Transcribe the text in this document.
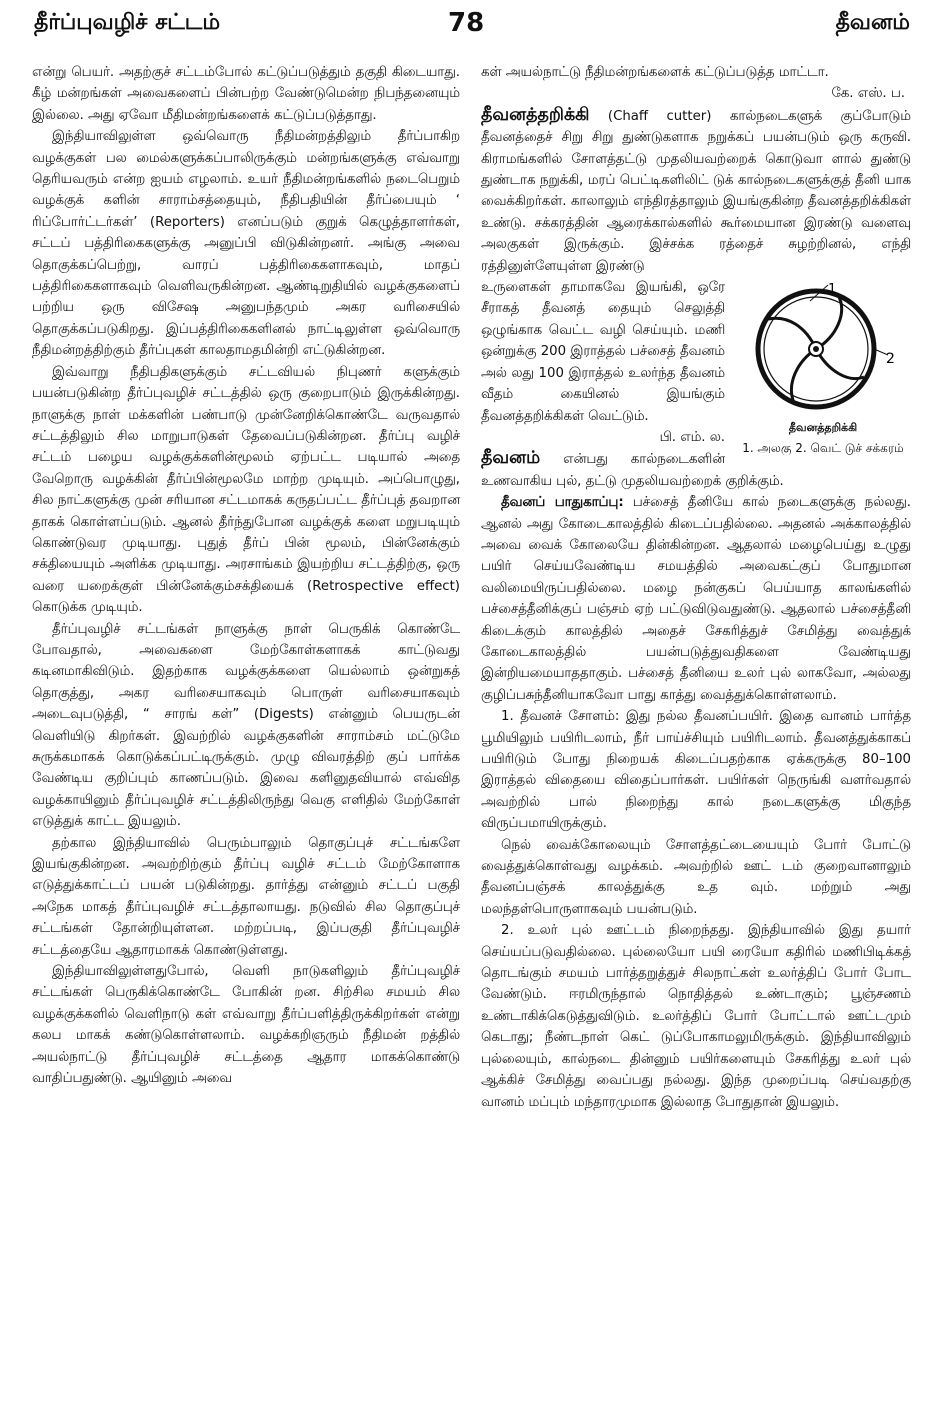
தீர்ப்புவழிச் சட்டம்	78	தீவனம்

என்று பெயர். அதற்குச் சட்டம்போல் கட்டுப்படுத்தும் தகுதி கிடையாது. கீழ் மன்றங்கள் அவைகளைப் பின்பற்ற வேண்டுமென்ற நிபந்தனையும் இல்லை. அது ஏவோ மீதிமன்றங்களைக் கட்டுப்படுத்தாது.

இந்தியாவிலுள்ள ஒவ்வொரு நீதிமன்றத்திலும் தீர்ப்பாகிற வழக்குகள் பல மைல்களுக்கப்பாலிருக்கும் மன்றங்களுக்கு எவ்வாறு தெரியவரும் என்ற ஐயம் எழலாம். உயர் நீதிமன்றங்களில் நடைபெறும் வழக்குக் களின் சாராம்சத்தையும், நீதிபதியின் தீர்ப்பையும் ‘ ரிப்போர்ட்டர்கள்’ (Reporters) எனப்படும் குறுக் கெழுத்தாளர்கள், சட்டப் பத்திரிகைகளுக்கு அனுப்பி விடுகின்றனர். அங்கு அவை தொகுக்கப்பெற்று, வாரப் பத்திரிகைகளாகவும், மாதப் பத்திரிகைகளாகவும் வெளிவருகின்றன. ஆண்டிறுதியில் வழக்குகளைப் பற்றிய ஒரு விசேஷ அனுபந்தமும் அகர வரிசையில் தொகுக்கப்படுகிறது. இப்பத்திரிகைகளினல் நாட்டிலுள்ள ஒவ்வொரு நீதிமன்றத்திற்கும் தீர்ப்புகள் காலதாமதமின்றி எட்டுகின்றன.

இவ்வாறு நீதிபதிகளுக்கும் சட்டவியல் நிபுணர் களுக்கும் பயன்படுகின்ற தீர்ப்புவழிச் சட்டத்தில் ஒரு குறைபாடும் இருக்கின்றது. நாளுக்கு நாள் மக்களின் பண்பாடு முன்னேறிக்கொண்டே வருவதால் சட்டத்திலும் சில மாறுபாடுகள் தேவைப்படுகின்றன. தீர்ப்பு வழிச் சட்டம் பழைய வழக்குக்களின்மூலம் ஏற்பட்ட படியால் அதை வேறொரு வழக்கின் தீர்ப்பின்மூலமே மாற்ற முடியும். அப்பொழுது, சில நாட்களுக்கு முன் சரியான சட்டமாகக் கருதப்பட்ட தீர்ப்புத் தவறான தாகக் கொள்ளப்படும். ஆனல் தீர்ந்துபோன வழக்குக் களை மறுபடியும் கொண்டுவர முடியாது. புதுத் தீர்ப் பின் மூலம், பின்னேக்கும் சக்தியையும் அளிக்க முடியாது. அரசாங்கம் இயற்றிய சட்டத்திற்கு, ஒரு வரை யறைக்குள் பின்னேக்கும்சக்தியைக் (Retrospective effect) கொடுக்க முடியும்.

தீர்ப்புவழிச் சட்டங்கள் நாளுக்கு நாள் பெருகிக் கொண்டே போவதால், அவைகளை மேற்கோள்களாகக் காட்டுவது கடினமாகிவிடும். இதற்காக வழக்குக்களை யெல்லாம் ஒன்றுகத் தொகுத்து, அகர வரிசையாகவும் பொருள் வரிசையாகவும் அடைவுபடுத்தி, “ சாரங் கள்” (Digests) என்னும் பெயருடன் வெளியிடு கிறர்கள். இவற்றில் வழக்குகளின் சாராம்சம் மட்டுமே சுருக்கமாகக் கொடுக்கப்பட்டிருக்கும். முழு விவரத்திற் குப் பார்க்க வேண்டிய குறிப்பும் காணப்படும். இவை களினுதவியால் எவ்வித வழக்காயினும் தீர்ப்புவழிச் சட்டத்திலிருந்து வெகு எளிதில் மேற்கோள் எடுத்துக் காட்ட இயலும்.

தற்கால இந்தியாவில் பெரும்பாலும் தொகுப்புச் சட்டங்களே இயங்குகின்றன. அவற்றிற்கும் தீர்ப்பு வழிச் சட்டம் மேற்கோளாக எடுத்துக்காட்டப் பயன் படுகின்றது. தார்த்து என்னும் சட்டப் பகுதி அநேக மாகத் தீர்ப்புவழிச் சட்டத்தாலாயது. நடுவில் சில தொகுப்புச் சட்டங்கள் தோன்றியுள்ளன. மற்றப்படி, இப்பகுதி தீர்ப்புவழிச் சட்டத்தையே ஆதாரமாகக் கொண்டுள்ளது.

இந்தியாவிலுள்ளதுபோல், வெளி நாடுகளிலும் தீர்ப்புவழிச் சட்டங்கள் பெருகிக்கொண்டே போகின் றன. சிற்சில சமயம் சில வழக்குக்களில் வெளிநாடு கள் எவ்வாறு தீர்ப்பளித்திருக்கிறர்கள் என்று கலப மாகக் கண்டுகொள்ளலாம். வழக்கறிஞரும் நீதிமன் றத்தில் அயல்நாட்டு தீர்ப்புவழிச் சட்டத்தை ஆதார மாகக்கொண்டு வாதிப்பதுண்டு. ஆயினும் அவை

கள் அயல்நாட்டு நீதிமன்றங்களைக் கட்டுப்படுத்த மாட்டா.

கே. எஸ். ப.

தீவனத்தறிக்கி (Chaff cutter) கால்நடைகளுக் குப்போடும் தீவனத்தைச் சிறு சிறு துண்டுகளாக நறுக்கப் பயன்படும் ஒரு கருவி. கிராமங்களில் சோளத்தட்டு முதலியவற்றைக் கொடுவா ளால் துண்டு துண்டாக நறுக்கி, மரப் பெட்டிகளிலிட் டுக் கால்நடைகளுக்குத் தீனி யாக வைக்கிறர்கள். காலாலும் எந்திரத்தாலும் இயங்குகின்ற தீவனத்தறிக்கிகள் உண்டு. சக்கரத்தின் ஆரைக்கால்களில் கூர்மையான இரண்டு வளைவு அலகுகள் இருக்கும். இச்சக்க ரத்தைச் சுழற்றினல், எந்தி ரத்தினுள்ளேயுள்ள இரண்டு

1
2
தீவனத்தறிக்கி
1. அலகு 2. வெட் டுச் சக்கரம்

உருளைகள் தாமாகவே இயங்கி, ஒரே சீராகத் தீவனத் தையும் செலுத்தி ஒழுங்காக வெட்ட வழி செய்யும். மணி ஒன்றுக்கு 200 இராத்தல் பச்சைத் தீவனம் அல் லது 100 இராத்தல் உலர்ந்த தீவனம் வீதம் கையினல் இயங்கும் தீவனத்தறிக்கிகள் வெட்டும்.

பி. எம். ல.

தீவனம் என்பது கால்நடைகளின் உணவாகிய புல், தட்டு முதலியவற்றைக் குறிக்கும்.

தீவனப் பாதுகாப்பு: பச்சைத் தீனியே கால் நடைகளுக்கு நல்லது. ஆனல் அது கோடைகாலத்தில் கிடைப்பதில்லை. அதனல் அக்காலத்தில் அவை வைக் கோலையே தின்கின்றன. ஆதலால் மழைபெய்து உழுது பயிர் செய்யவேண்டிய சமயத்தில் அவைகட்குப் போதுமான வலிமையிருப்பதில்லை. மழை நன்குகப் பெய்யாத காலங்களில் பச்சைத்தீனிக்குப் பஞ்சம் ஏற் பட்டுவிடுவதுண்டு. ஆதலால் பச்சைத்தீனி கிடைக்கும் காலத்தில் அதைச் சேகரித்துச் சேமித்து வைத்துக் கோடைகாலத்தில் பயன்படுத்துவதிகளை வேண்டியது இன்றியமையாததாகும். பச்சைத் தீனியை உலர் புல் லாகவோ, அல்லது குழிப்பசுந்தீனியாகவோ பாது காத்து வைத்துக்கொள்ளலாம்.

1. தீவனச் சோளம்: இது நல்ல தீவனப்பயிர். இதை வானம் பார்த்த பூமியிலும் பயிரிடலாம், நீர் பாய்ச்சியும் பயிரிடலாம். தீவனத்துக்காகப் பயிரிடும் போது நிறையக் கிடைப்பதற்காக ஏக்கருக்கு 80–100 இராத்தல் விதையை விதைப்பார்கள். பயிர்கள் நெருங்கி வளர்வதால் அவற்றில் பால் நிறைந்து கால் நடைகளுக்கு மிகுந்த விருப்பமாயிருக்கும்.

நெல் வைக்கோலையும் சோளத்தட்டையையும் போர் போட்டு வைத்துக்கொள்வது வழக்கம். அவற்றில் ஊட் டம் குறைவானாலும் தீவனப்பஞ்சக் காலத்துக்கு உத வும். மற்றும் அது மலந்தள்பொருளாகவும் பயன்படும்.

2. உலர் புல் ஊட்டம் நிறைந்தது. இந்தியாவில் இது தயார் செய்யப்படுவதில்லை. புல்லையோ பயி ரையோ கதிரில் மணிபிடிக்கத் தொடங்கும் சமயம் பார்த்தறுத்துச் சிலநாட்கள் உலர்த்திப் போர் போட வேண்டும். ஈரமிருந்தால் நொதித்தல் உண்டாகும்; பூஞ்சணம் உண்டாகிக்கெடுத்துவிடும். உலர்த்திப் போர் போட்டால் ஊட்டமும் கெடாது; நீண்டநாள் கெட் டுப்போகாமலுமிருக்கும். இந்தியாவிலும் புல்லையும், கால்நடை தின்னும் பயிர்களையும் சேகரித்து உலர் புல் ஆக்கிச் சேமித்து வைப்பது நல்லது. இந்த முறைப்படி செய்வதற்கு வானம் மப்பும் மந்தாரமுமாக இல்லாத போதுதான் இயலும்.
